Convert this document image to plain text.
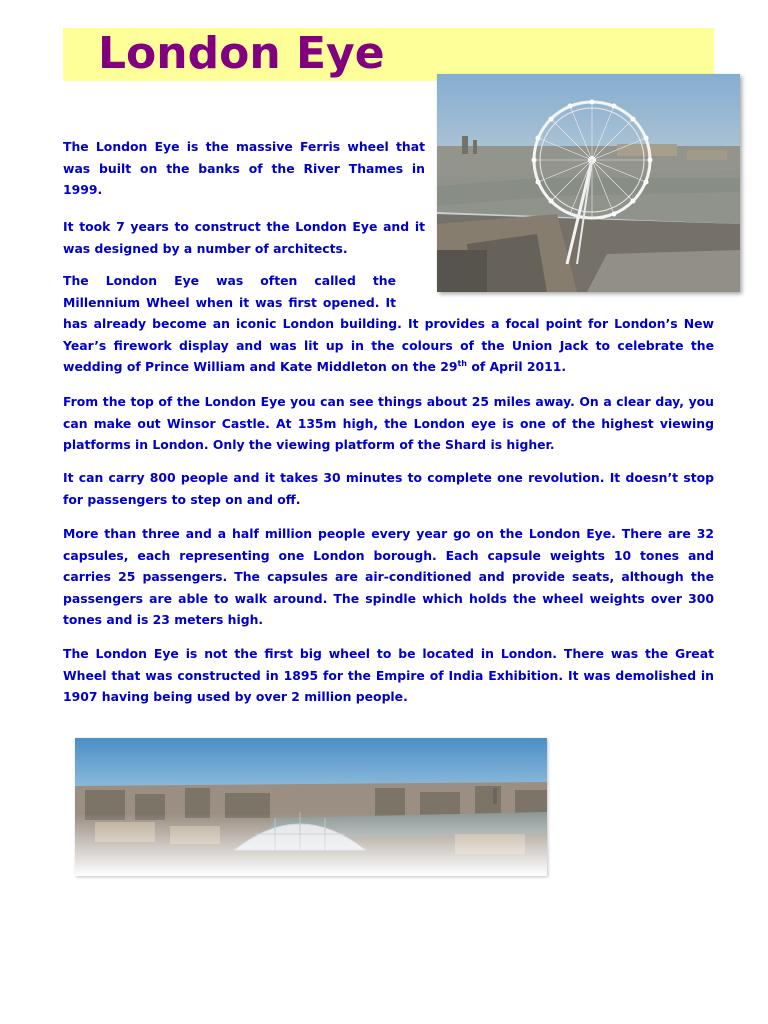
London Eye
The London Eye is the massive Ferris wheel that was built on the banks of the River Thames in 1999.
It took 7 years to construct the London Eye and it was designed by a number of architects.
The London Eye was often called the Millennium Wheel when it was first opened. It has already become an iconic London building. It provides a focal point for London’s New Year’s firework display and was lit up in the colours of the Union Jack to celebrate the wedding of Prince William and Kate Middleton on the 29th of April 2011.
From the top of the London Eye you can see things about 25 miles away. On a clear day, you can make out Winsor Castle. At 135m high, the London eye is one of the highest viewing platforms in London. Only the viewing platform of the Shard is higher.
It can carry 800 people and it takes 30 minutes to complete one revolution. It doesn’t stop for passengers to step on and off.
More than three and a half million people every year go on the London Eye. There are 32 capsules, each representing one London borough. Each capsule weights 10 tones and carries 25 passengers. The capsules are air-conditioned and provide seats, although the passengers are able to walk around. The spindle which holds the wheel weights over 300 tones and is 23 meters high.
The London Eye is not the first big wheel to be located in London. There was the Great Wheel that was constructed in 1895 for the Empire of India Exhibition. It was demolished in 1907 having being used by over 2 million people.
